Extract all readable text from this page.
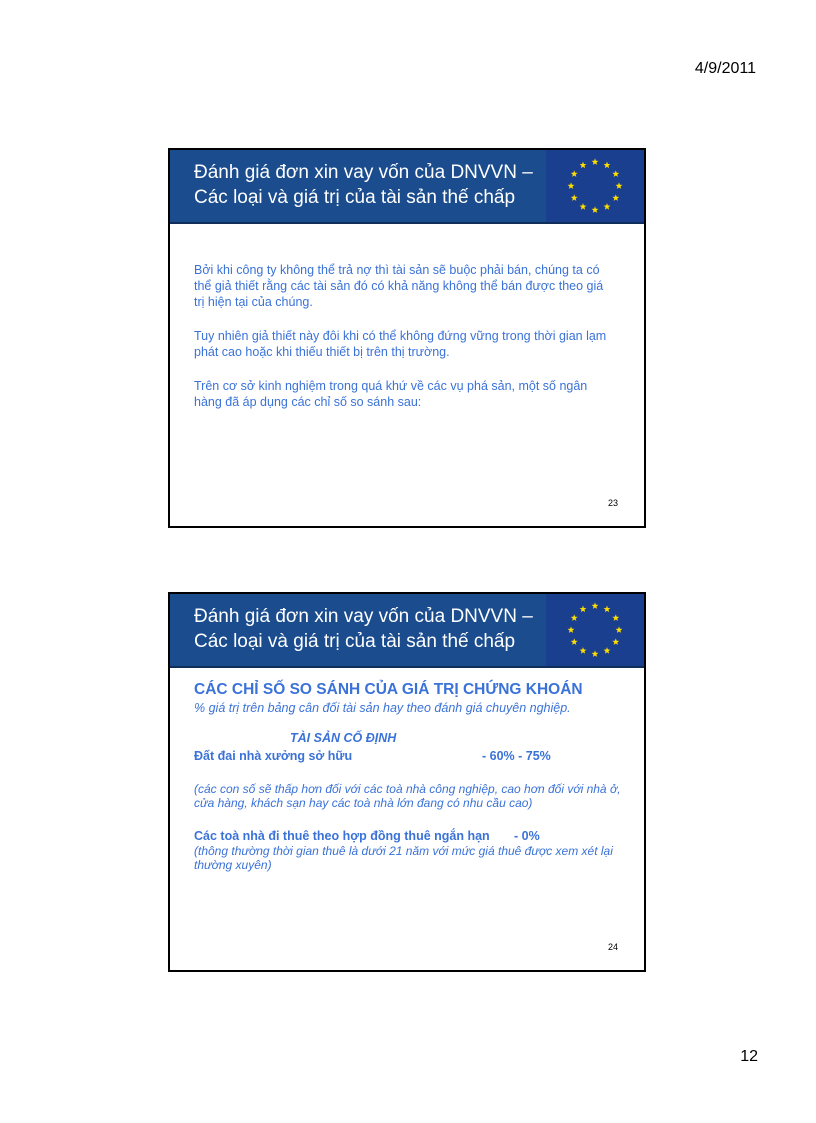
4/9/2011
Đánh giá đơn xin vay vốn của DNVVN –
Các loại và giá trị của tài sản thế chấp

Bởi khi công ty không thể trả nợ thì tài sản sẽ buộc phải bán, chúng ta có thể giả thiết rằng các tài sản đó có khả năng không thể bán được theo giá trị hiện tại của chúng.

Tuy nhiên giả thiết này đôi khi có thể không đứng vững trong thời gian lạm phát cao hoặc khi thiếu thiết bị trên thị trường.

Trên cơ sở kinh nghiệm trong quá khứ về các vụ phá sản, một số ngân hàng đã áp dụng các chỉ số so sánh sau:

23
Đánh giá đơn xin vay vốn của DNVVN –
Các loại và giá trị của tài sản thế chấp

CÁC CHỈ SỐ SO SÁNH CỦA GIÁ TRỊ CHỨNG KHOÁN

% giá trị trên bảng cân đối tài sản hay theo đánh giá chuyên nghiệp.

TÀI SẢN CỐ ĐỊNH

Đất đai nhà xưởng sở hữu	- 60% - 75%

(các con số sẽ thấp hơn đối với các toà nhà công nghiệp, cao hơn đối với nhà ở, cửa hàng, khách sạn hay các toà nhà lớn đang có nhu cầu cao)

Các toà nhà đi thuê theo hợp đồng thuê ngắn hạn	- 0%

(thông thường thời gian thuê là dưới 21 năm với mức giá thuê được xem xét lại thường xuyên)

24
12
